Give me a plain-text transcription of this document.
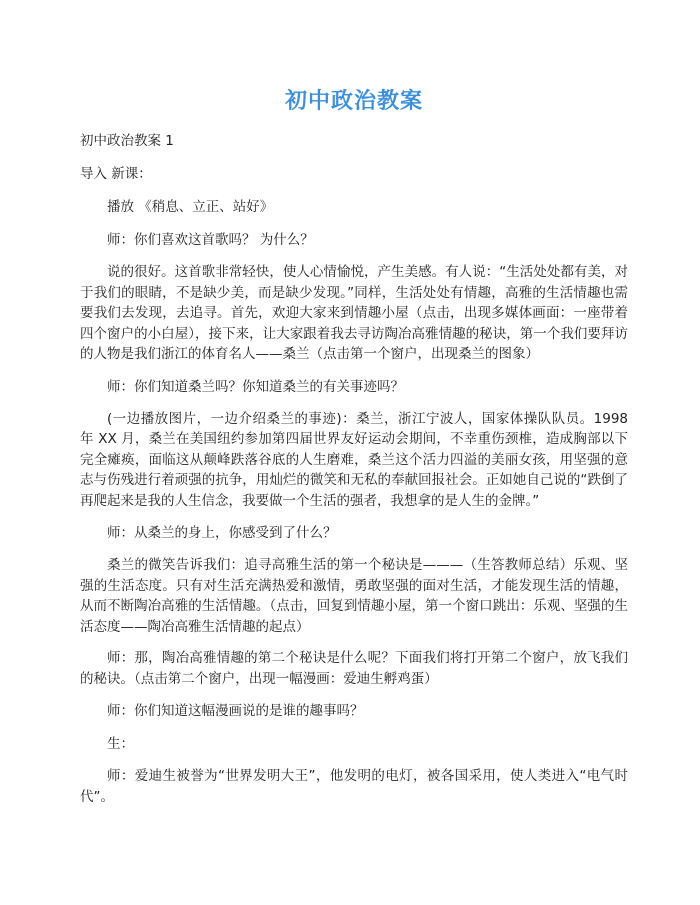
初中政治教案
初中政治教案 1
导入 新课：

播放 《稍息、立正、站好》

师：你们喜欢这首歌吗？ 为什么？

说的很好。这首歌非常轻快，使人心情愉悦，产生美感。有人说：“生活处处都有美，对于我们的眼睛，不是缺少美，而是缺少发现。”同样，生活处处有情趣，高雅的生活情趣也需要我们去发现，去追寻。首先，欢迎大家来到情趣小屋（点击，出现多媒体画面：一座带着四个窗户的小白屋），接下来，让大家跟着我去寻访陶冶高雅情趣的秘诀，第一个我们要拜访的人物是我们浙江的体育名人——桑兰（点击第一个窗户，出现桑兰的图象）

师：你们知道桑兰吗？你知道桑兰的有关事迹吗？

(一边播放图片，一边介绍桑兰的事迹)：桑兰，浙江宁波人，国家体操队队员。1998 年 XX 月，桑兰在美国纽约参加第四届世界友好运动会期间，不幸重伤颈椎，造成胸部以下完全瘫痪，面临这从颠峰跌落谷底的人生磨难，桑兰这个活力四溢的美丽女孩，用坚强的意志与伤残进行着顽强的抗争，用灿烂的微笑和无私的奉献回报社会。正如她自己说的“跌倒了再爬起来是我的人生信念，我要做一个生活的强者，我想拿的是人生的金牌。”

师：从桑兰的身上，你感受到了什么？

桑兰的微笑告诉我们：追寻高雅生活的第一个秘诀是———（生答教师总结）乐观、坚强的生活态度。只有对生活充满热爱和激情，勇敢坚强的面对生活，才能发现生活的情趣，从而不断陶冶高雅的生活情趣。（点击，回复到情趣小屋，第一个窗口跳出：乐观、坚强的生活态度——陶冶高雅生活情趣的起点）

师：那，陶冶高雅情趣的第二个秘诀是什么呢？下面我们将打开第二个窗户，放飞我们的秘诀。（点击第二个窗户，出现一幅漫画：爱迪生孵鸡蛋）

师：你们知道这幅漫画说的是谁的趣事吗？

生：

师：爱迪生被誉为“世界发明大王”，他发明的电灯，被各国采用，使人类进入“电气时代”。
